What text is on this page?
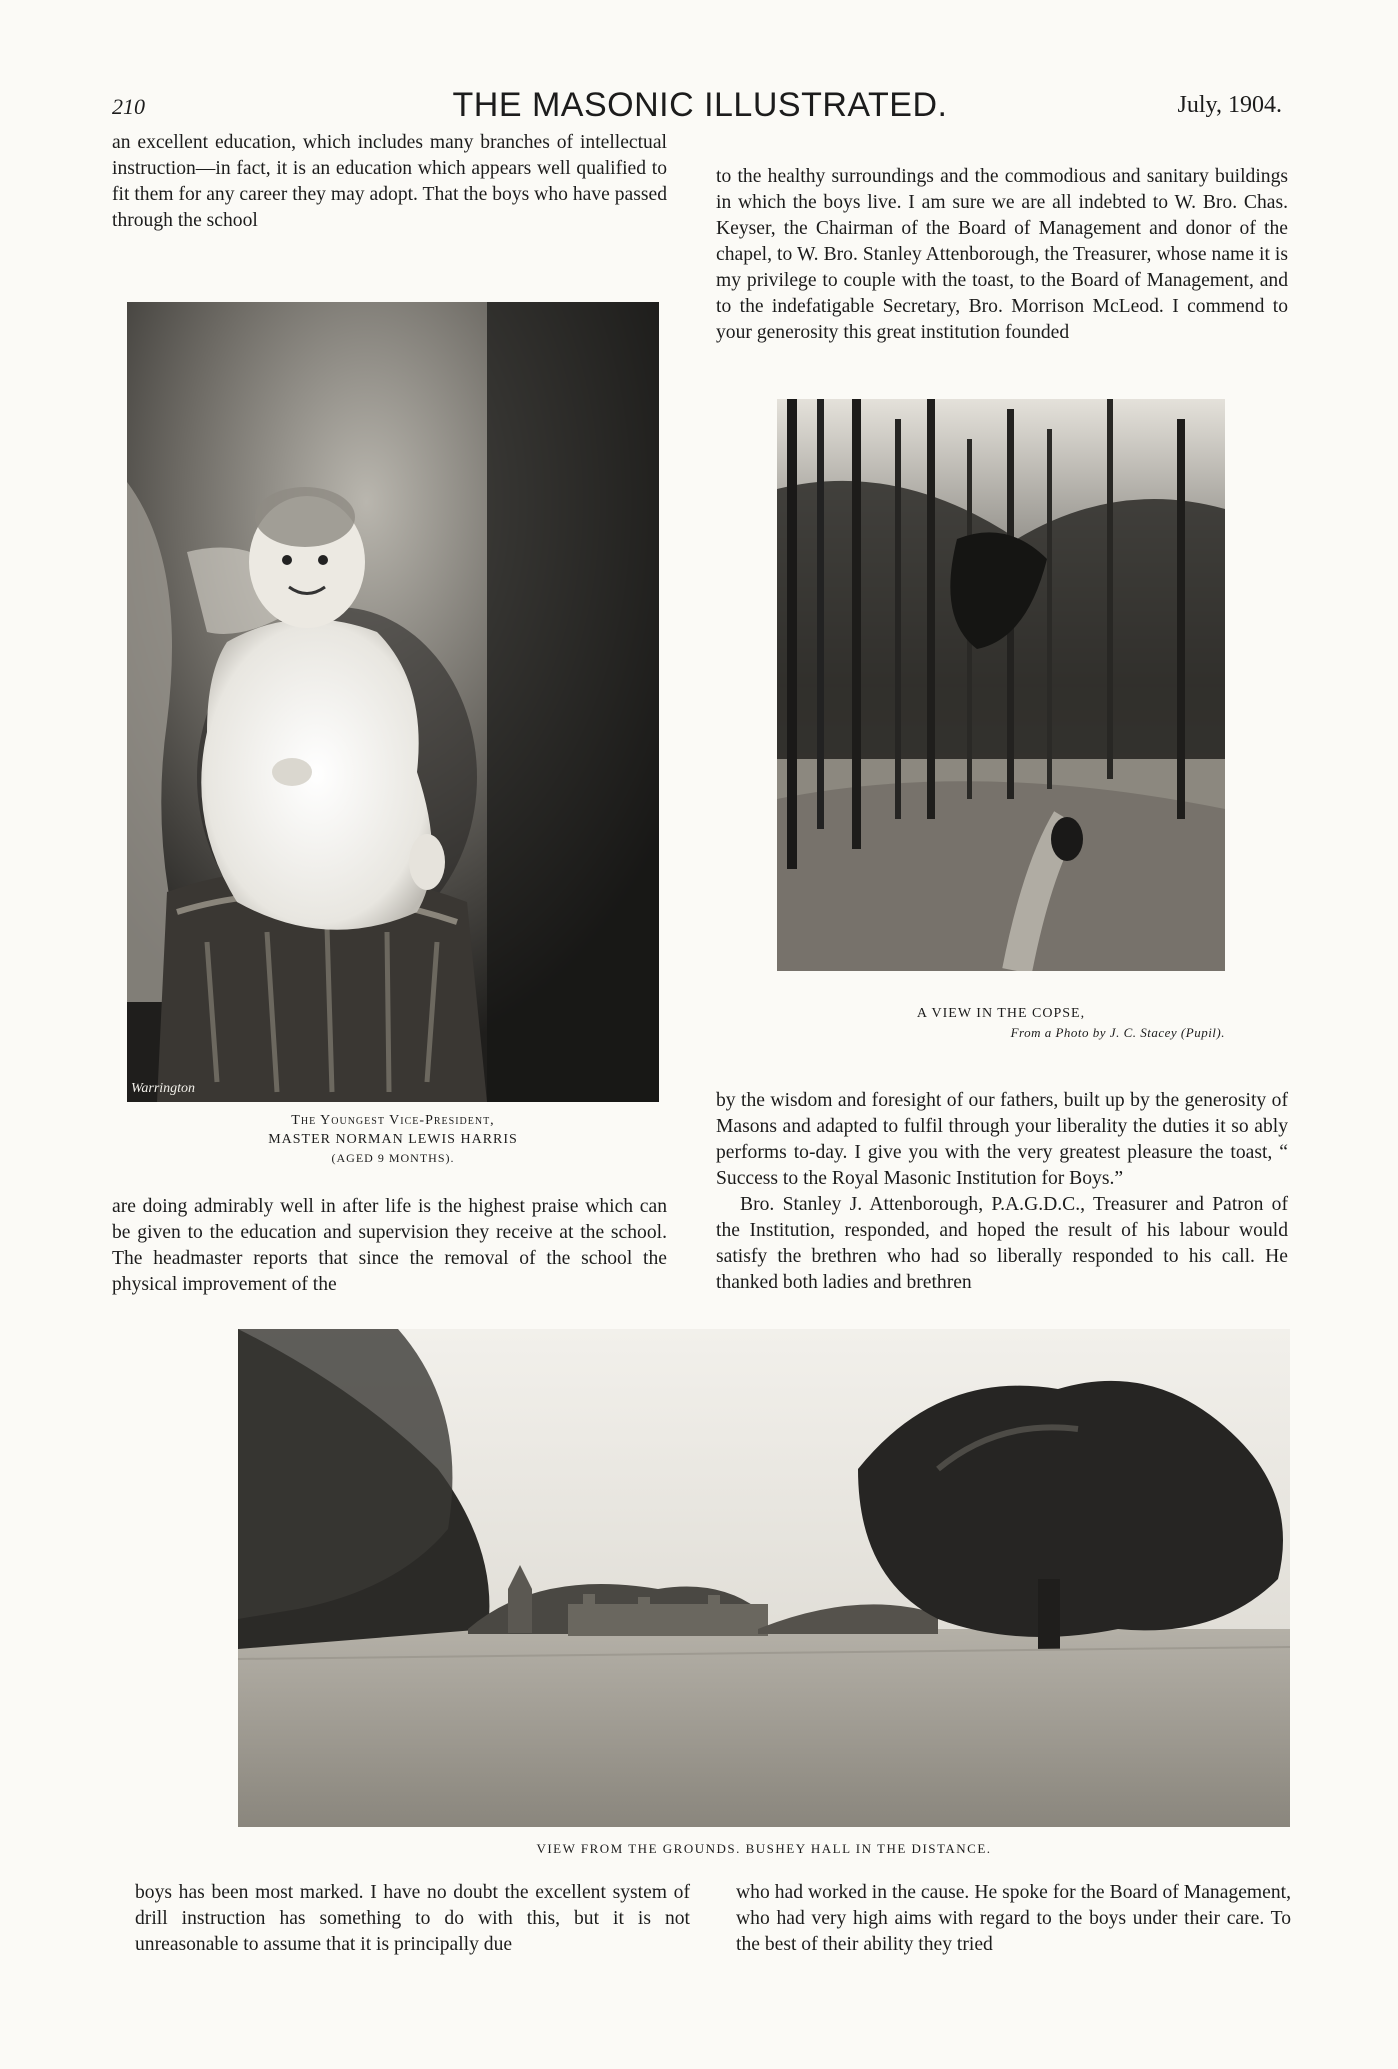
210	THE MASONIC ILLUSTRATED.	July, 1904.

an excellent education, which includes many branches of intellectual instruction—in fact, it is an education which appears well qualified to fit them for any career they may adopt. That the boys who have passed through the school

Warrington
The Youngest Vice-President,
MASTER NORMAN LEWIS HARRIS
(AGED 9 MONTHS).

are doing admirably well in after life is the highest praise which can be given to the education and supervision they receive at the school. The headmaster reports that since the removal of the school the physical improvement of the

to the healthy surroundings and the commodious and sanitary buildings in which the boys live. I am sure we are all indebted to W. Bro. Chas. Keyser, the Chairman of the Board of Management and donor of the chapel, to W. Bro. Stanley Attenborough, the Treasurer, whose name it is my privilege to couple with the toast, to the Board of Management, and to the indefatigable Secretary, Bro. Morrison McLeod. I commend to your generosity this great institution founded

A VIEW IN THE COPSE,
From a Photo by J. C. Stacey (Pupil).

by the wisdom and foresight of our fathers, built up by the generosity of Masons and adapted to fulfil through your liberality the duties it so ably performs to-day. I give you with the very greatest pleasure the toast, “ Success to the Royal Masonic Institution for Boys.”

Bro. Stanley J. Attenborough, P.A.G.D.C., Treasurer and Patron of the Institution, responded, and hoped the result of his labour would satisfy the brethren who had so liberally responded to his call. He thanked both ladies and brethren

VIEW FROM THE GROUNDS. BUSHEY HALL IN THE DISTANCE.

boys has been most marked. I have no doubt the excellent system of drill instruction has something to do with this, but it is not unreasonable to assume that it is principally due

who had worked in the cause. He spoke for the Board of Management, who had very high aims with regard to the boys under their care. To the best of their ability they tried
